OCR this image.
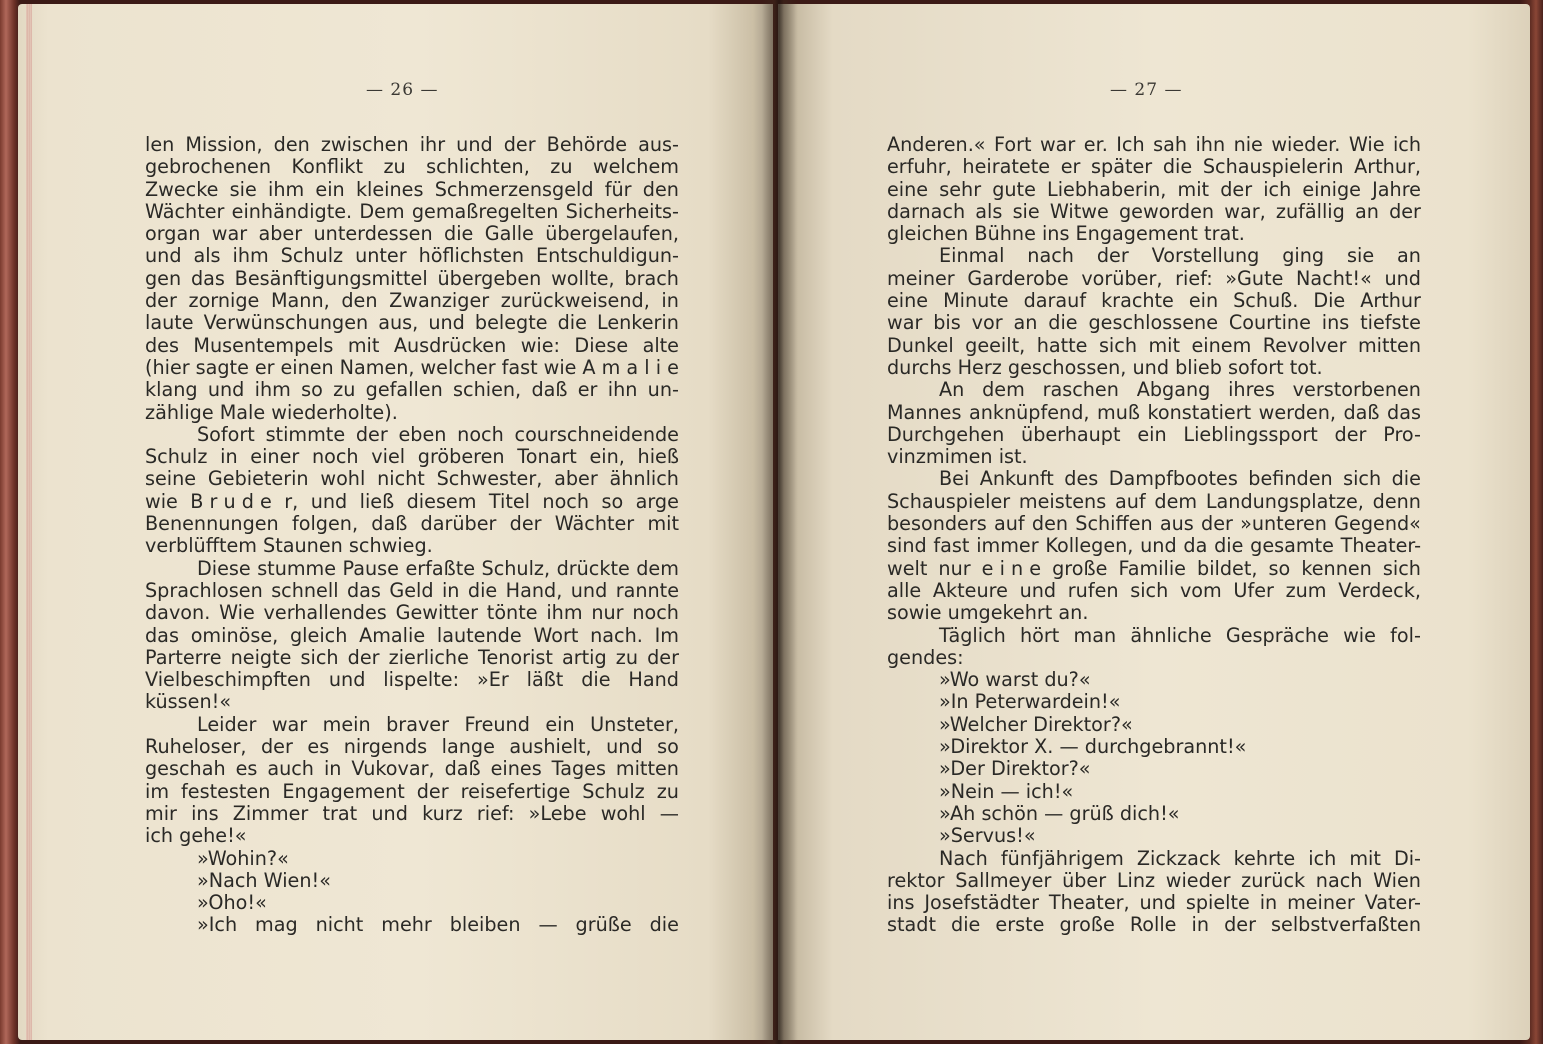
— 26 —
len Mission, den zwischen ihr und der Behörde aus-
gebrochenen Konflikt zu schlichten, zu welchem
Zwecke sie ihm ein kleines Schmerzensgeld für den
Wächter einhändigte. Dem gemaßregelten Sicherheits-
organ war aber unterdessen die Galle übergelaufen,
und als ihm Schulz unter höflichsten Entschuldigun-
gen das Besänftigungsmittel übergeben wollte, brach
der zornige Mann, den Zwanziger zurückweisend, in
laute Verwünschungen aus, und belegte die Lenkerin
des Musentempels mit Ausdrücken wie: Diese alte
(hier sagte er einen Namen, welcher fast wie A m a l i e
klang und ihm so zu gefallen schien, daß er ihn un-
zählige Male wiederholte).
Sofort stimmte der eben noch courschneidende
Schulz in einer noch viel gröberen Tonart ein, hieß
seine Gebieterin wohl nicht Schwester, aber ähnlich
wie B r u d e r, und ließ diesem Titel noch so arge
Benennungen folgen, daß darüber der Wächter mit
verblüfftem Staunen schwieg.
Diese stumme Pause erfaßte Schulz, drückte dem
Sprachlosen schnell das Geld in die Hand, und rannte
davon. Wie verhallendes Gewitter tönte ihm nur noch
das ominöse, gleich Amalie lautende Wort nach. Im
Parterre neigte sich der zierliche Tenorist artig zu der
Vielbeschimpften und lispelte: »Er läßt die Hand
küssen!«
Leider war mein braver Freund ein Unsteter,
Ruheloser, der es nirgends lange aushielt, und so
geschah es auch in Vukovar, daß eines Tages mitten
im festesten Engagement der reisefertige Schulz zu
mir ins Zimmer trat und kurz rief: »Lebe wohl —
ich gehe!«
»Wohin?«
»Nach Wien!«
»Oho!«
»Ich mag nicht mehr bleiben — grüße die
— 27 —
Anderen.« Fort war er. Ich sah ihn nie wieder. Wie ich
erfuhr, heiratete er später die Schauspielerin Arthur,
eine sehr gute Liebhaberin, mit der ich einige Jahre
darnach als sie Witwe geworden war, zufällig an der
gleichen Bühne ins Engagement trat.
Einmal nach der Vorstellung ging sie an
meiner Garderobe vorüber, rief: »Gute Nacht!« und
eine Minute darauf krachte ein Schuß. Die Arthur
war bis vor an die geschlossene Courtine ins tiefste
Dunkel geeilt, hatte sich mit einem Revolver mitten
durchs Herz geschossen, und blieb sofort tot.
An dem raschen Abgang ihres verstorbenen
Mannes anknüpfend, muß konstatiert werden, daß das
Durchgehen überhaupt ein Lieblingssport der Pro-
vinzmimen ist.
Bei Ankunft des Dampfbootes befinden sich die
Schauspieler meistens auf dem Landungsplatze, denn
besonders auf den Schiffen aus der »unteren Gegend«
sind fast immer Kollegen, und da die gesamte Theater-
welt nur e i n e große Familie bildet, so kennen sich
alle Akteure und rufen sich vom Ufer zum Verdeck,
sowie umgekehrt an.
Täglich hört man ähnliche Gespräche wie fol-
gendes:
»Wo warst du?«
»In Peterwardein!«
»Welcher Direktor?«
»Direktor X. — durchgebrannt!«
»Der Direktor?«
»Nein — ich!«
»Ah schön — grüß dich!«
»Servus!«
Nach fünfjährigem Zickzack kehrte ich mit Di-
rektor Sallmeyer über Linz wieder zurück nach Wien
ins Josefstädter Theater, und spielte in meiner Vater-
stadt die erste große Rolle in der selbstverfaßten
